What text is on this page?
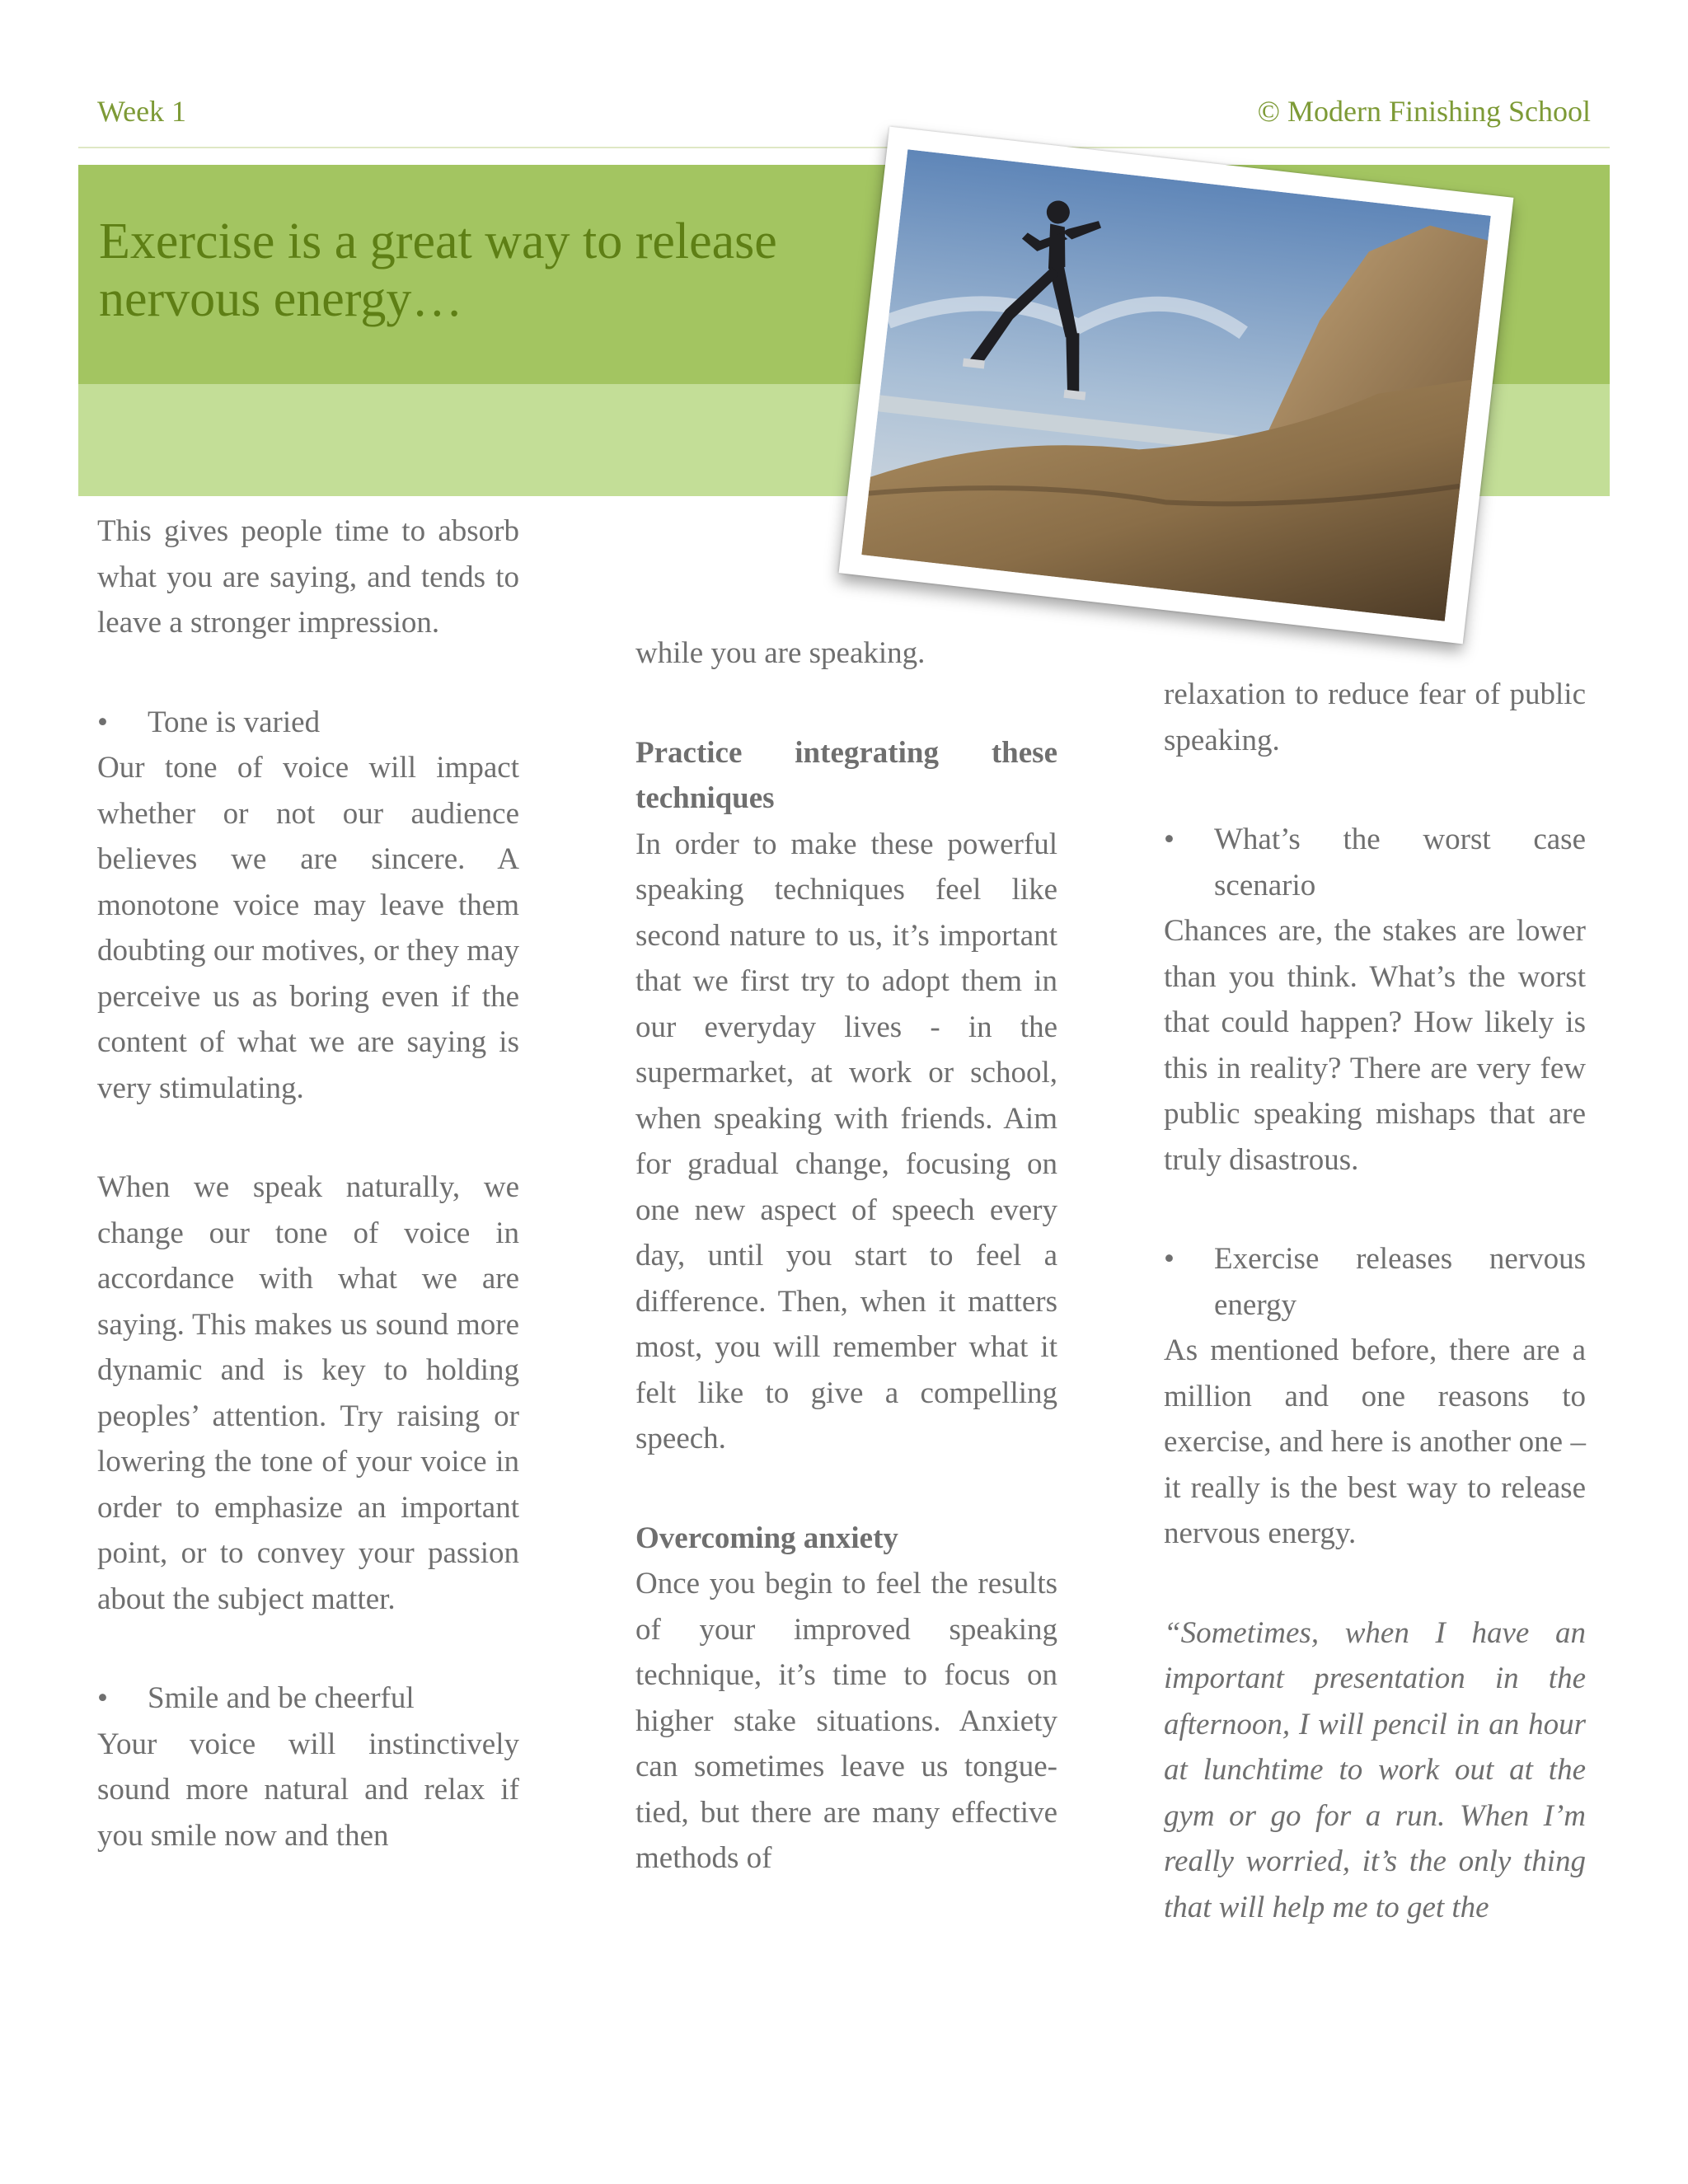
Week 1	© Modern Finishing School
Exercise is a great way to release
nervous energy…

This gives people time to absorb what you are saying, and tends to leave a stronger impression.

•	Tone is varied

Our tone of voice will impact whether or not our audience believes we are sincere. A monotone voice may leave them doubting our motives, or they may perceive us as boring even if the content of what we are saying is very stimulating.

When we speak naturally, we change our tone of voice in accordance with what we are saying. This makes us sound more dynamic and is key to holding peoples’ attention. Try raising or lowering the tone of your voice in order to emphasize an important point, or to convey your passion about the subject matter.

•	Smile and be cheerful

Your voice will instinctively sound more natural and relax if you smile now and then

while you are speaking.

Practice integrating these techniques

In order to make these powerful speaking techniques feel like second nature to us, it’s important that we first try to adopt them in our everyday lives - in the supermarket, at work or school, when speaking with friends. Aim for gradual change, focusing on one new aspect of speech every day, until you start to feel a difference. Then, when it matters most, you will remember what it felt like to give a compelling speech.

Overcoming anxiety

Once you begin to feel the results of your improved speaking technique, it’s time to focus on higher stake situations. Anxiety can sometimes leave us tongue-tied, but there are many effective methods of

relaxation to reduce fear of public speaking.

•	What’s the worst case scenario

Chances are, the stakes are lower than you think. What’s the worst that could happen? How likely is this in reality? There are very few public speaking mishaps that are truly disastrous.

•	Exercise releases nervous energy

As mentioned before, there are a million and one reasons to exercise, and here is another one – it really is the best way to release nervous energy.

“Sometimes, when I have an important presentation in the afternoon, I will pencil in an hour at lunchtime to work out at the gym or go for a run. When I’m really worried, it’s the only thing that will help me to get the
